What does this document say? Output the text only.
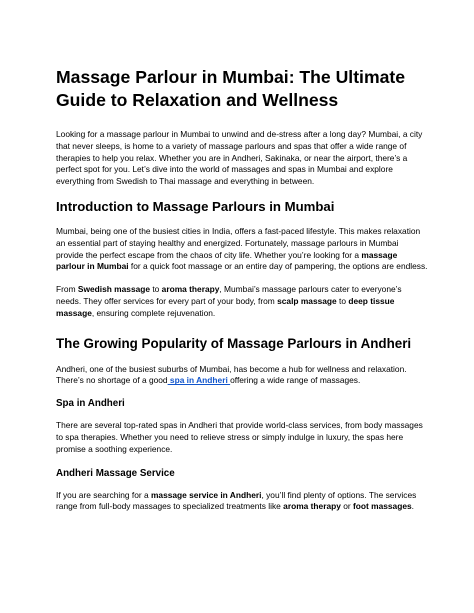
Massage Parlour in Mumbai: The Ultimate Guide to Relaxation and Wellness

Looking for a massage parlour in Mumbai to unwind and de-stress after a long day? Mumbai, a city that never sleeps, is home to a variety of massage parlours and spas that offer a wide range of therapies to help you relax. Whether you are in Andheri, Sakinaka, or near the airport, there’s a perfect spot for you. Let’s dive into the world of massages and spas in Mumbai and explore everything from Swedish to Thai massage and everything in between.

Introduction to Massage Parlours in Mumbai

Mumbai, being one of the busiest cities in India, offers a fast-paced lifestyle. This makes relaxation an essential part of staying healthy and energized. Fortunately, massage parlours in Mumbai provide the perfect escape from the chaos of city life. Whether you’re looking for a massage parlour in Mumbai for a quick foot massage or an entire day of pampering, the options are endless.

From Swedish massage to aroma therapy, Mumbai’s massage parlours cater to everyone’s needs. They offer services for every part of your body, from scalp massage to deep tissue massage, ensuring complete rejuvenation.

The Growing Popularity of Massage Parlours in Andheri

Andheri, one of the busiest suburbs of Mumbai, has become a hub for wellness and relaxation. There’s no shortage of a good spa in Andheri offering a wide range of massages.

Spa in Andheri

There are several top-rated spas in Andheri that provide world-class services, from body massages to spa therapies. Whether you need to relieve stress or simply indulge in luxury, the spas here promise a soothing experience.

Andheri Massage Service

If you are searching for a massage service in Andheri, you’ll find plenty of options. The services range from full-body massages to specialized treatments like aroma therapy or foot massages.
